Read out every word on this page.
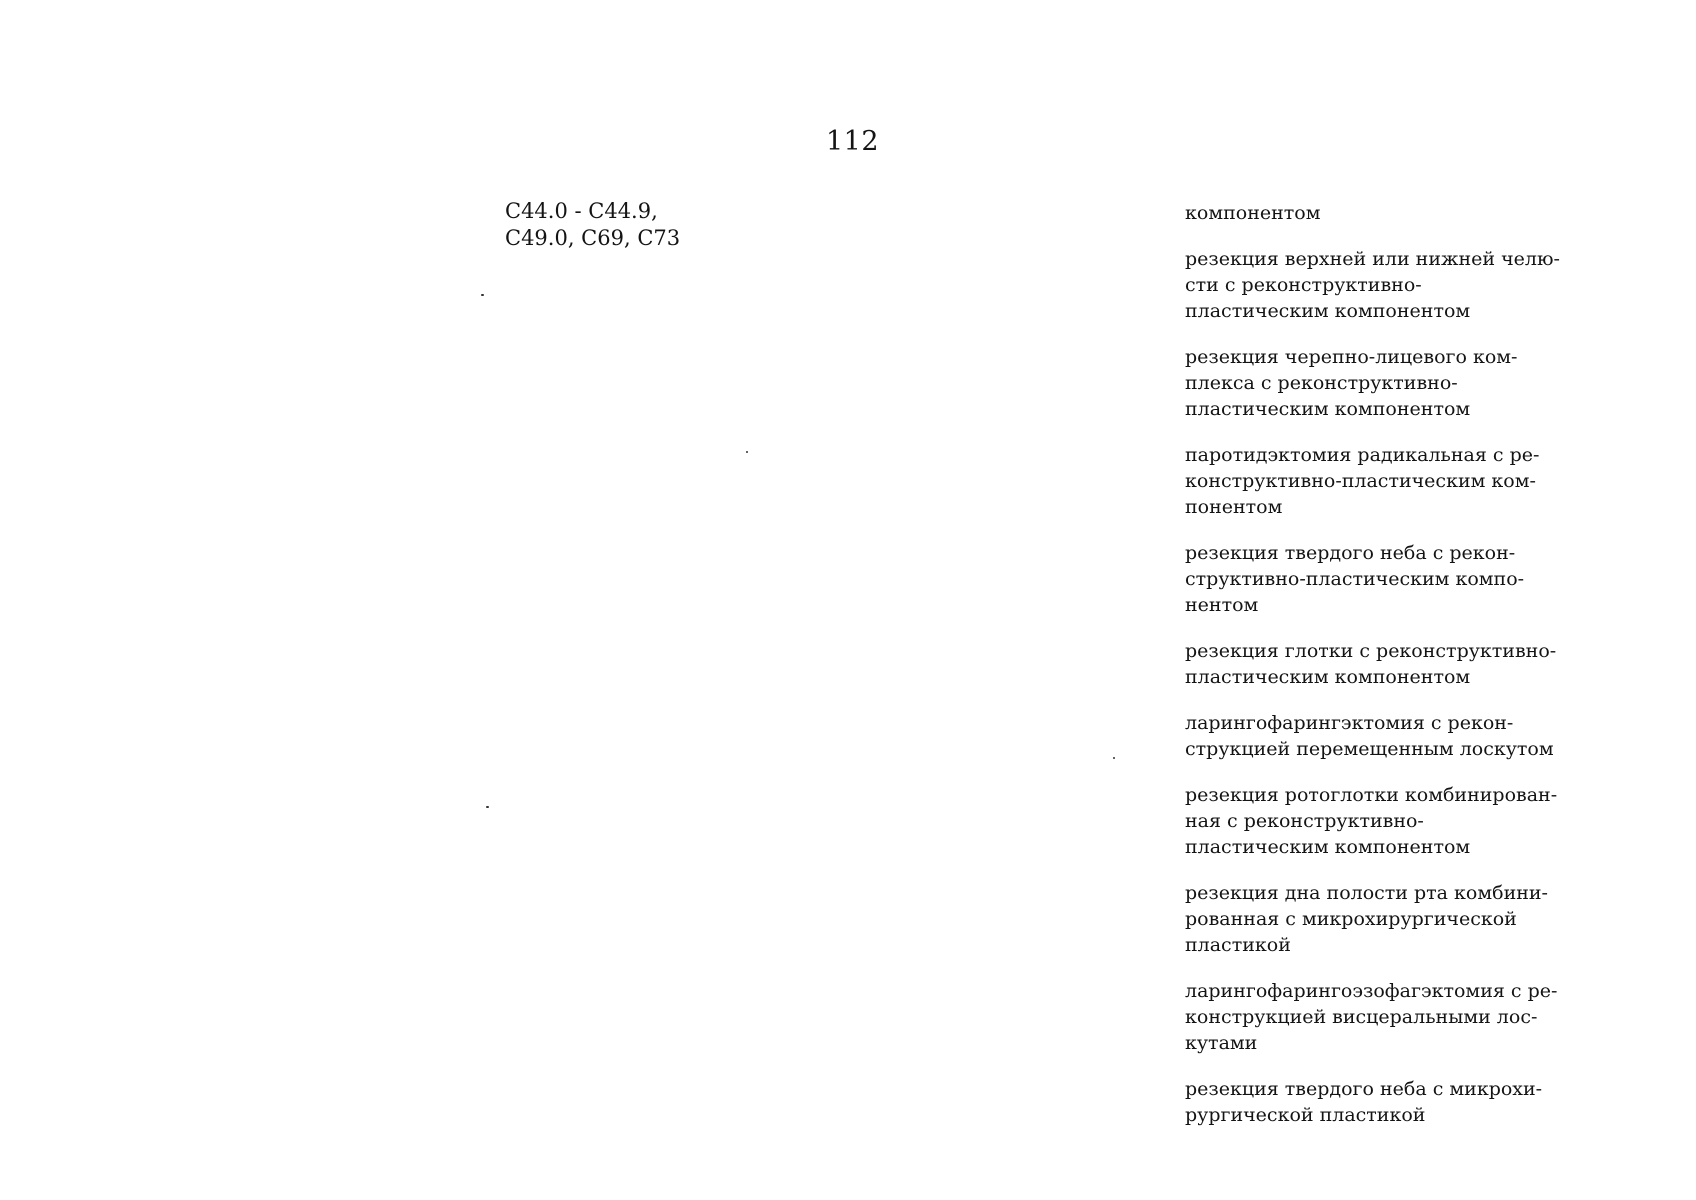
112
C44.0 - C44.9,
C49.0, C69, C73

компонентом

резекция верхней или нижней челю-
сти с реконструктивно-
пластическим компонентом

резекция черепно-лицевого ком-
плекса с реконструктивно-
пластическим компонентом

паротидэктомия радикальная с ре-
конструктивно-пластическим ком-
понентом

резекция твердого неба с рекон-
структивно-пластическим компо-
нентом

резекция глотки с реконструктивно-
пластическим компонентом

ларингофарингэктомия с рекон-
струкцией перемещенным лоскутом

резекция ротоглотки комбинирован-
ная с реконструктивно-
пластическим компонентом

резекция дна полости рта комбини-
рованная с микрохирургической
пластикой

ларингофарингоэзофагэктомия с ре-
конструкцией висцеральными лос-
кутами

резекция твердого неба с микрохи-
рургической пластикой
